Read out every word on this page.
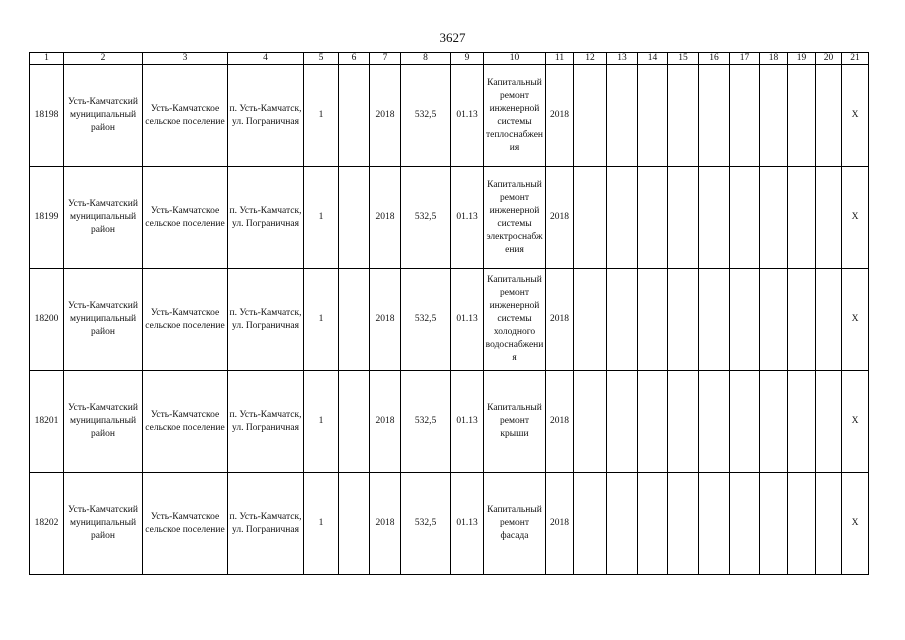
3627
1	2	3	4	5	6	7	8	9	10	11	12	13	14	15	16	17	18	19	20	21
18198	Усть-Камчатский муниципальный район	Усть-Камчатское сельское поселение	п. Усть-Камчатск, ул. Пограничная	1		2018	532,5	01.13	Капитальный ремонт инженерной системы теплоснабжения	2018										Х
18199	Усть-Камчатский муниципальный район	Усть-Камчатское сельское поселение	п. Усть-Камчатск, ул. Пограничная	1		2018	532,5	01.13	Капитальный ремонт инженерной системы электроснабжения	2018										Х
18200	Усть-Камчатский муниципальный район	Усть-Камчатское сельское поселение	п. Усть-Камчатск, ул. Пограничная	1		2018	532,5	01.13	Капитальный ремонт инженерной системы холодного водоснабжения	2018										Х
18201	Усть-Камчатский муниципальный район	Усть-Камчатское сельское поселение	п. Усть-Камчатск, ул. Пограничная	1		2018	532,5	01.13	Капитальный ремонт крыши	2018										Х
18202	Усть-Камчатский муниципальный район	Усть-Камчатское сельское поселение	п. Усть-Камчатск, ул. Пограничная	1		2018	532,5	01.13	Капитальный ремонт фасада	2018										Х
